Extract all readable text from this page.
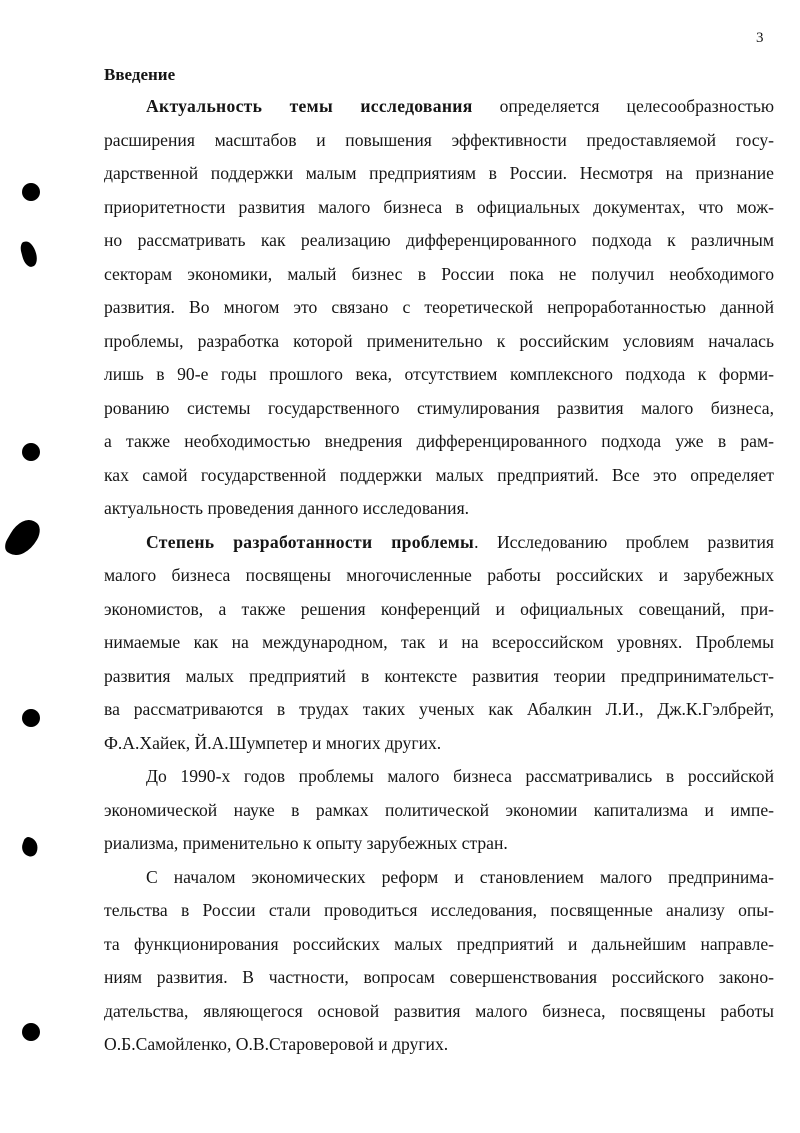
3
Введение
Актуальность темы исследования определяется целесообразностью
расширения масштабов и повышения эффективности предоставляемой госу-
дарственной поддержки малым предприятиям в России. Несмотря на признание
приоритетности развития малого бизнеса в официальных документах, что мож-
но рассматривать как реализацию дифференцированного подхода к различным
секторам экономики, малый бизнес в России пока не получил необходимого
развития. Во многом это связано с теоретической непроработанностью данной
проблемы, разработка которой применительно к российским условиям началась
лишь в 90-е годы прошлого века, отсутствием комплексного подхода к форми-
рованию системы государственного стимулирования развития малого бизнеса,
а также необходимостью внедрения дифференцированного подхода уже в рам-
ках самой государственной поддержки малых предприятий. Все это определяет
актуальность проведения данного исследования.
Степень разработанности проблемы. Исследованию проблем развития
малого бизнеса посвящены многочисленные работы российских и зарубежных
экономистов, а также решения конференций и официальных совещаний, при-
нимаемые как на международном, так и на всероссийском уровнях. Проблемы
развития малых предприятий в контексте развития теории предпринимательст-
ва рассматриваются в трудах таких ученых как Абалкин Л.И., Дж.К.Гэлбрейт,
Ф.А.Хайек, Й.А.Шумпетер и многих других.
До 1990-х годов проблемы малого бизнеса рассматривались в российской
экономической науке в рамках политической экономии капитализма и импе-
риализма, применительно к опыту зарубежных стран.
С началом экономических реформ и становлением малого предпринима-
тельства в России стали проводиться исследования, посвященные анализу опы-
та функционирования российских малых предприятий и дальнейшим направле-
ниям развития. В частности, вопросам совершенствования российского законо-
дательства, являющегося основой развития малого бизнеса, посвящены работы
О.Б.Самойленко, О.В.Староверовой и других.
